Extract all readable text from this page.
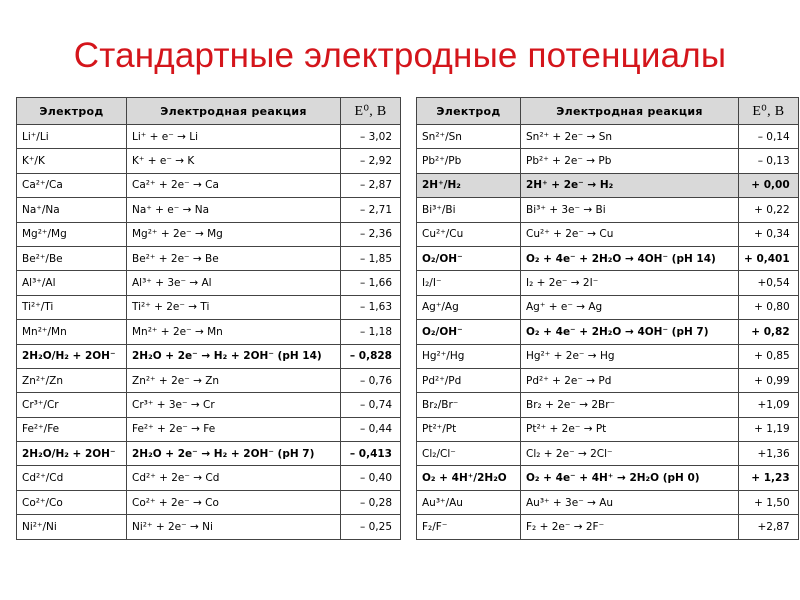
Стандартные электродные потенциалы
Электрод	Электродная реакция	E⁰, В
Li⁺/Li	Li⁺ + e⁻ → Li	– 3,02
K⁺/K	K⁺ + e⁻ → K	– 2,92
Ca²⁺/Ca	Ca²⁺ + 2e⁻ → Ca	– 2,87
Na⁺/Na	Na⁺ + e⁻ → Na	– 2,71
Mg²⁺/Mg	Mg²⁺ + 2e⁻ → Mg	– 2,36
Be²⁺/Be	Be²⁺ + 2e⁻ → Be	– 1,85
Al³⁺/Al	Al³⁺ + 3e⁻ → Al	– 1,66
Ti²⁺/Ti	Ti²⁺ + 2e⁻ → Ti	– 1,63
Mn²⁺/Mn	Mn²⁺ + 2e⁻ → Mn	– 1,18
2H₂O/H₂ + 2OH⁻	2H₂O + 2e⁻ → H₂ + 2OH⁻ (pH 14)	– 0,828
Zn²⁺/Zn	Zn²⁺ + 2e⁻ → Zn	– 0,76
Cr³⁺/Cr	Cr³⁺ + 3e⁻ → Cr	– 0,74
Fe²⁺/Fe	Fe²⁺ + 2e⁻ → Fe	– 0,44
2H₂O/H₂ + 2OH⁻	2H₂O + 2e⁻ → H₂ + 2OH⁻ (pH 7)	– 0,413
Cd²⁺/Cd	Cd²⁺ + 2e⁻ → Cd	– 0,40
Co²⁺/Co	Co²⁺ + 2e⁻ → Co	– 0,28
Ni²⁺/Ni	Ni²⁺ + 2e⁻ → Ni	– 0,25
Электрод	Электродная реакция	E⁰, В
Sn²⁺/Sn	Sn²⁺ + 2e⁻ → Sn	– 0,14
Pb²⁺/Pb	Pb²⁺ + 2e⁻ → Pb	– 0,13
2H⁺/H₂	2H⁺ + 2e⁻ → H₂	+ 0,00
Bi³⁺/Bi	Bi³⁺ + 3e⁻ → Bi	+ 0,22
Cu²⁺/Cu	Cu²⁺ + 2e⁻ → Cu	+ 0,34
O₂/OH⁻	O₂ + 4e⁻ + 2H₂O → 4OH⁻ (pH 14)	+ 0,401
I₂/I⁻	I₂ + 2e⁻ → 2I⁻	+0,54
Ag⁺/Ag	Ag⁺ + e⁻ → Ag	+ 0,80
O₂/OH⁻	O₂ + 4e⁻ + 2H₂O → 4OH⁻ (pH 7)	+ 0,82
Hg²⁺/Hg	Hg²⁺ + 2e⁻ → Hg	+ 0,85
Pd²⁺/Pd	Pd²⁺ + 2e⁻ → Pd	+ 0,99
Br₂/Br⁻	Br₂ + 2e⁻ → 2Br⁻	+1,09
Pt²⁺/Pt	Pt²⁺ + 2e⁻ → Pt	+ 1,19
Cl₂/Cl⁻	Cl₂ + 2e⁻ → 2Cl⁻	+1,36
O₂ + 4H⁺/2H₂O	O₂ + 4e⁻ + 4H⁺ → 2H₂O (pH 0)	+ 1,23
Au³⁺/Au	Au³⁺ + 3e⁻ → Au	+ 1,50
F₂/F⁻	F₂ + 2e⁻ → 2F⁻	+2,87
